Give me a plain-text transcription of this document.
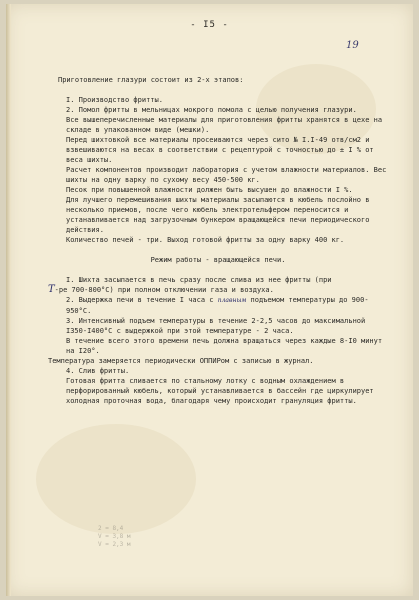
- I5 -
19

Приготовление глазури состоит из 2-х этапов:

I. Производство фритты.

2. Помол фритты в мельницах мокрого помола с целью получения глазури.

Все вышеперечисленные материалы для приготовления фритты хранятся в цехе на складе в упакованном виде (мешки).

Перед шихтовкой все материалы просеиваются через сито № I.I-49 отв/см2 и взвешиваются на весах в соответствии с рецептурой с точностью до ± I % от веса шихты.

Расчет компонентов производит лаборатория с учетом влажности материалов. Вес шихты на одну варку по сухому весу 450-500 кг.

Песок при повышенной влажности должен быть высушен до влажности I %.

Для лучшего перемешивания шихты материалы засыпаются в кюбель послойно в несколько приемов, после чего кюбель электротельфером переносится и устанавливается над загрузочным бункером вращающейся печи периодического действия.

Количество печей - три. Выход готовой фритты за одну варку 400 кг.

Режим работы - вращающейся печи.

I. Шихта засыпается в печь сразу после слива из нее фритты (при

T-ре 700-800°С) при полном отключении газа и воздуха.

2. Выдержка печи в течение I часа с плавным подъемом температуры до 900-950°С.

3. Интенсивный подъем температуры в течение 2-2,5 часов до максимальной I350-I400°С с выдержкой при этой температуре - 2 часа.

В течение всего этого времени печь должна вращаться через каждые 8-I0 минут на I20°.

Температура замеряется периодически ОППИРом с записью в журнал.

4. Слив фритты.

Готовая фритта сливается по стальному лотку с водным охлаждением в перфорированный кюбель, который устанавливается в бассейн где циркулирует холодная проточная вода, благодаря чему происходит грануляция фритты.

2 = 8,4
V = 3,8 м
V = 2,3 м
